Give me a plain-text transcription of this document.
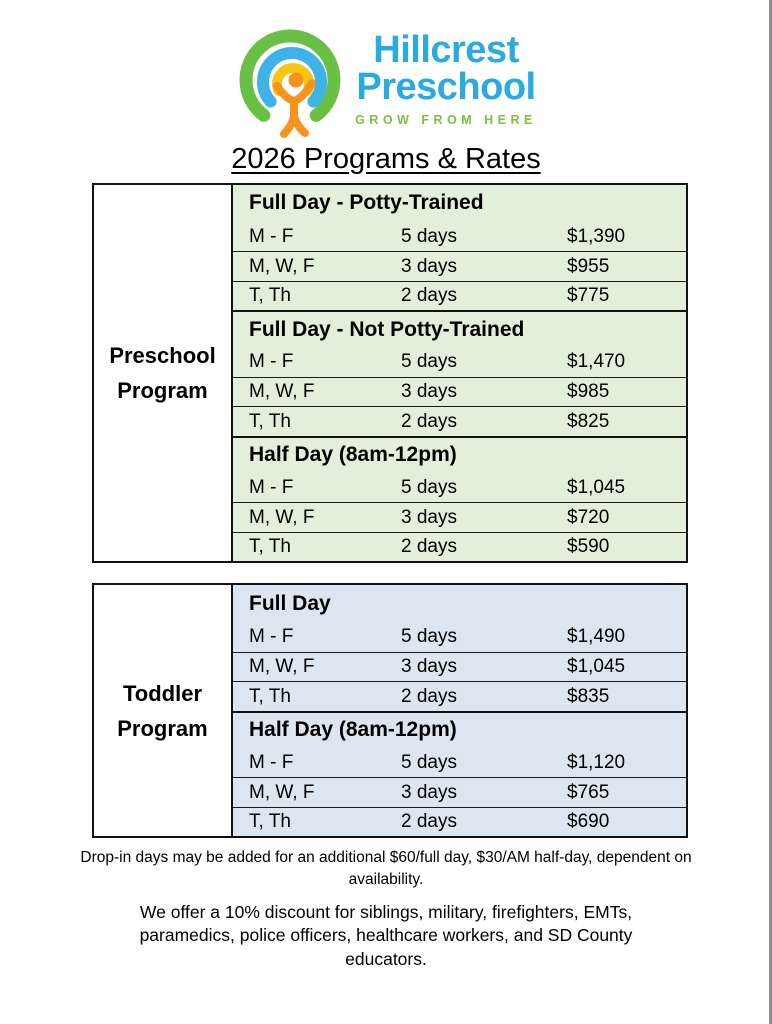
Hillcrest
Preschool
GROW FROM HERE
2026 Programs & Rates
Preschool Program
Full Day - Potty-Trained
M - F	5 days	$1,390
M, W, F	3 days	$955
T, Th	2 days	$775
Full Day - Not Potty-Trained
M - F	5 days	$1,470
M, W, F	3 days	$985
T, Th	2 days	$825
Half Day (8am-12pm)
M - F	5 days	$1,045
M, W, F	3 days	$720
T, Th	2 days	$590
Toddler Program
Full Day
M - F	5 days	$1,490
M, W, F	3 days	$1,045
T, Th	2 days	$835
Half Day (8am-12pm)
M - F	5 days	$1,120
M, W, F	3 days	$765
T, Th	2 days	$690

Drop-in days may be added for an additional $60/full day, $30/AM half-day, dependent on availability.

We offer a 10% discount for siblings, military, firefighters, EMTs, paramedics, police officers, healthcare workers, and SD County educators.
